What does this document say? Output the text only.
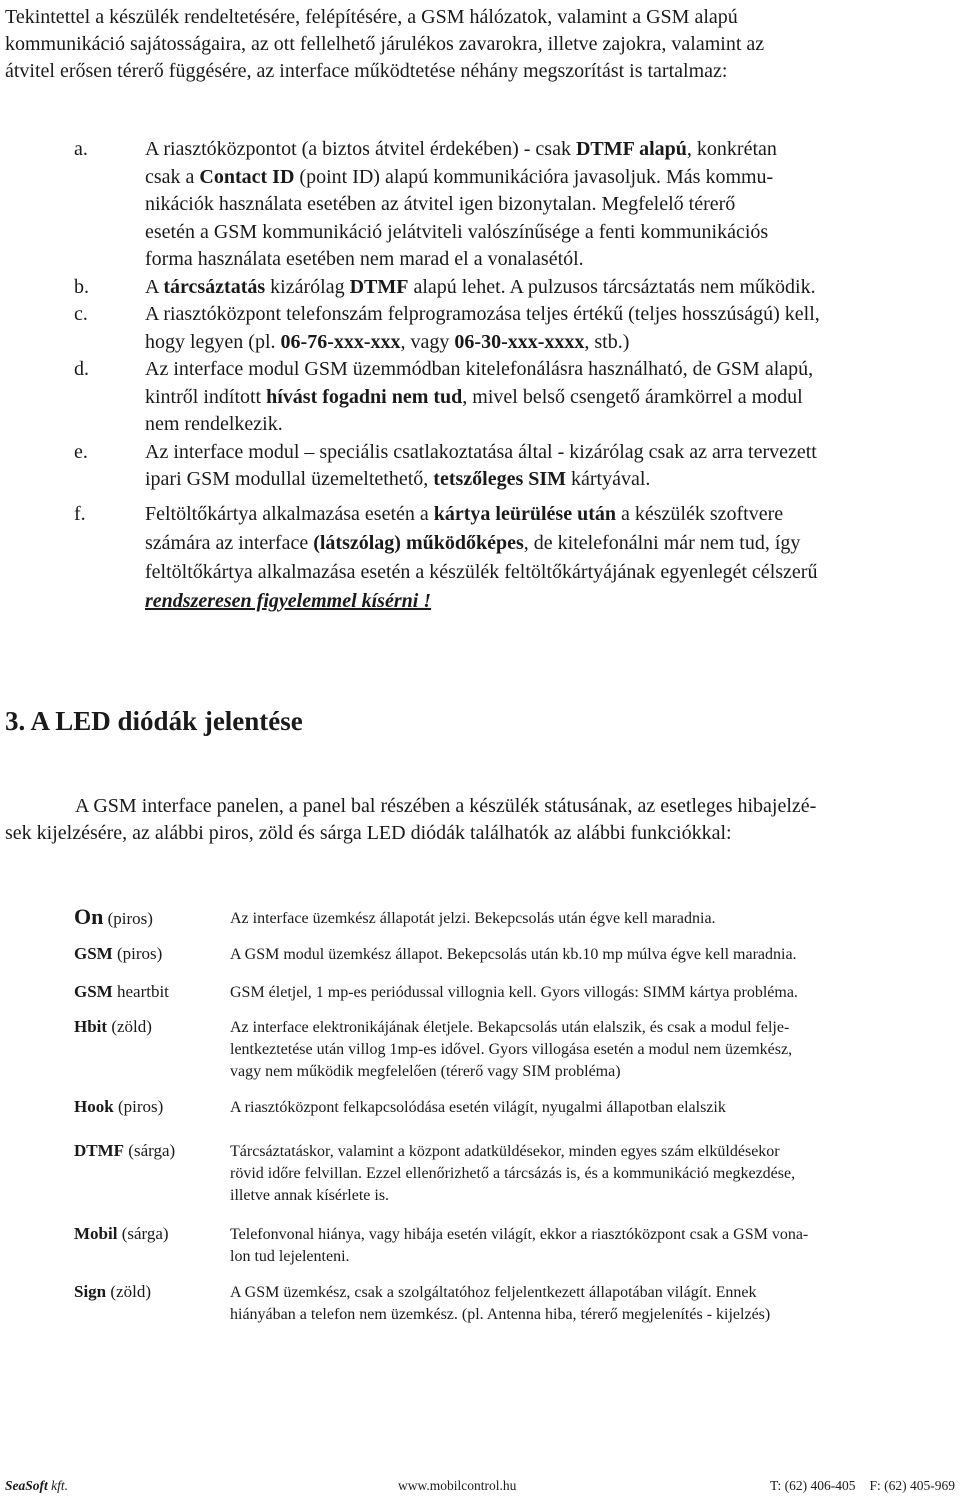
Tekintettel a készülék rendeltetésére, felépítésére, a GSM hálózatok, valamint a GSM alapú
kommunikáció sajátosságaira, az ott fellelhető járulékos zavarokra, illetve zajokra, valamint az
átvitel erősen térerő függésére, az interface működtetése néhány megszorítást is tartalmaz:

a.	A riasztóközpontot (a biztos átvitel érdekében) - csak DTMF alapú, konkrétan
csak a Contact ID (point ID) alapú kommunikációra javasoljuk. Más kommu-
nikációk használata esetében az átvitel igen bizonytalan. Megfelelő térerő
esetén a GSM kommunikáció jelátviteli valószínűsége a fenti kommunikációs
forma használata esetében nem marad el a vonalasétól.
b.	A tárcsáztatás kizárólag DTMF alapú lehet. A pulzusos tárcsáztatás nem működik.
c.	A riasztóközpont telefonszám felprogramozása teljes értékű (teljes hosszúságú) kell,
hogy legyen (pl. 06-76-xxx-xxx, vagy 06-30-xxx-xxxx, stb.)
d.	Az interface modul GSM üzemmódban kitelefonálásra használható, de GSM alapú,
kintről indított hívást fogadni nem tud, mivel belső csengető áramkörrel a modul
nem rendelkezik.
e.	Az interface modul – speciális csatlakoztatása által - kizárólag csak az arra tervezett
ipari GSM modullal üzemeltethető, tetszőleges SIM kártyával.
f.	Feltöltőkártya alkalmazása esetén a kártya leürülése után a készülék szoftvere
számára az interface (látszólag) működőképes, de kitelefonálni már nem tud, így
feltöltőkártya alkalmazása esetén a készülék feltöltőkártyájának egyenlegét célszerű
rendszeresen figyelemmel kísérni !
3. A LED diódák jelentése

A GSM interface panelen, a panel bal részében a készülék státusának, az esetleges hibajelzé-
sek kijelzésére, az alábbi piros, zöld és sárga LED diódák találhatók az alábbi funkciókkal:

On (piros)	Az interface üzemkész állapotát jelzi. Bekepcsolás után égve kell maradnia.
GSM (piros)	A GSM modul üzemkész állapot. Bekepcsolás után kb.10 mp múlva égve kell maradnia.
GSM heartbit	GSM életjel, 1 mp-es periódussal villognia kell. Gyors villogás: SIMM kártya probléma.
Hbit (zöld)	Az interface elektronikájának életjele. Bekapcsolás után elalszik, és csak a modul felje-
lentkeztetése után villog 1mp-es idővel. Gyors villogása esetén a modul nem üzemkész,
vagy nem működik megfelelően (térerő vagy SIM probléma)
Hook (piros)	A riasztóközpont felkapcsolódása esetén világít, nyugalmi állapotban elalszik
DTMF (sárga)	Tárcsáztatáskor, valamint a központ adatküldésekor, minden egyes szám elküldésekor
rövid időre felvillan. Ezzel ellenőrizhető a tárcsázás is, és a kommunikáció megkezdése,
illetve annak kísérlete is.
Mobil (sárga)	Telefonvonal hiánya, vagy hibája esetén világít, ekkor a riasztóközpont csak a GSM vona-
lon tud lejelenteni.
Sign (zöld)	A GSM üzemkész, csak a szolgáltatóhoz feljelentkezett állapotában világít. Ennek
hiányában a telefon nem üzemkész. (pl. Antenna hiba, térerő megjelenítés - kijelzés)
SeaSoft kft.	www.mobilcontrol.hu	T: (62) 406-405 F: (62) 405-969
